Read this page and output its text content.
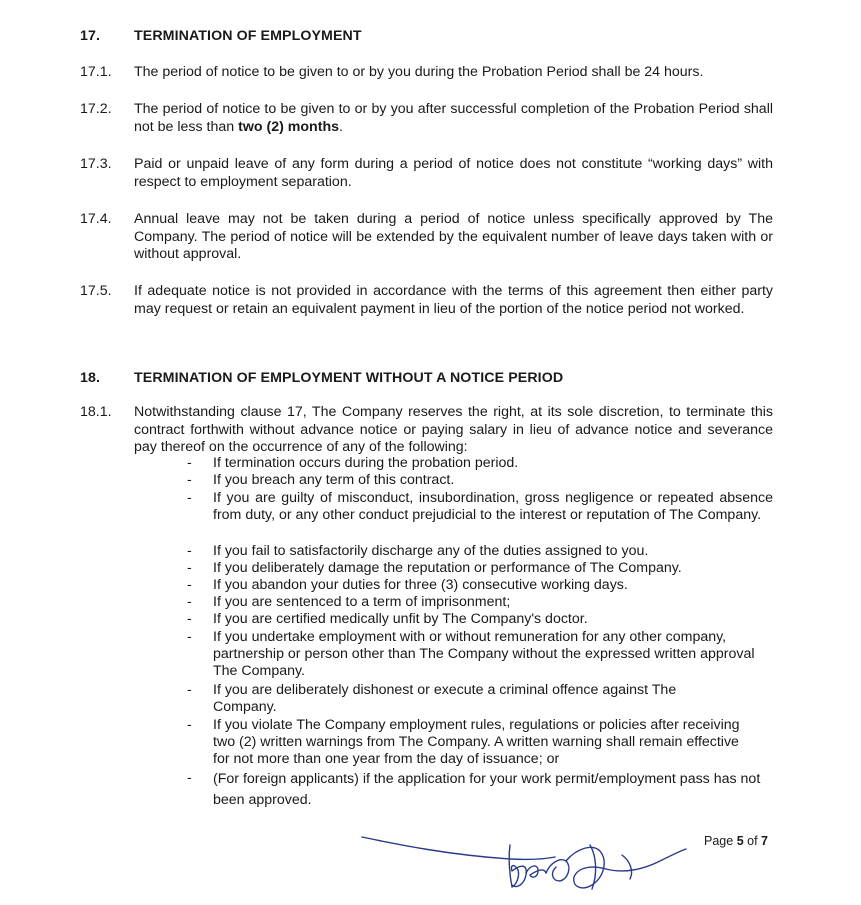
17. TERMINATION OF EMPLOYMENT
17.1. The period of notice to be given to or by you during the Probation Period shall be 24 hours.
17.2. The period of notice to be given to or by you after successful completion of the Probation Period shall not be less than two (2) months.
17.3. Paid or unpaid leave of any form during a period of notice does not constitute “working days” with respect to employment separation.
17.4. Annual leave may not be taken during a period of notice unless specifically approved by The Company. The period of notice will be extended by the equivalent number of leave days taken with or without approval.
17.5. If adequate notice is not provided in accordance with the terms of this agreement then either party may request or retain an equivalent payment in lieu of the portion of the notice period not worked.
18. TERMINATION OF EMPLOYMENT WITHOUT A NOTICE PERIOD
18.1. Notwithstanding clause 17, The Company reserves the right, at its sole discretion, to terminate this contract forthwith without advance notice or paying salary in lieu of advance notice and severance pay thereof on the occurrence of any of the following:
- If termination occurs during the probation period.
- If you breach any term of this contract.
- If you are guilty of misconduct, insubordination, gross negligence or repeated absence from duty, or any other conduct prejudicial to the interest or reputation of The Company.
- If you fail to satisfactorily discharge any of the duties assigned to you.
- If you deliberately damage the reputation or performance of The Company.
- If you abandon your duties for three (3) consecutive working days.
- If you are sentenced to a term of imprisonment;
- If you are certified medically unfit by The Company's doctor.
- If you undertake employment with or without remuneration for any other company, partnership or person other than The Company without the expressed written approval The Company.
- If you are deliberately dishonest or execute a criminal offence against The Company.
- If you violate The Company employment rules, regulations or policies after receiving two (2) written warnings from The Company. A written warning shall remain effective for not more than one year from the day of issuance; or
- (For foreign applicants) if the application for your work permit/employment pass has not been approved.
Page 5 of 7
